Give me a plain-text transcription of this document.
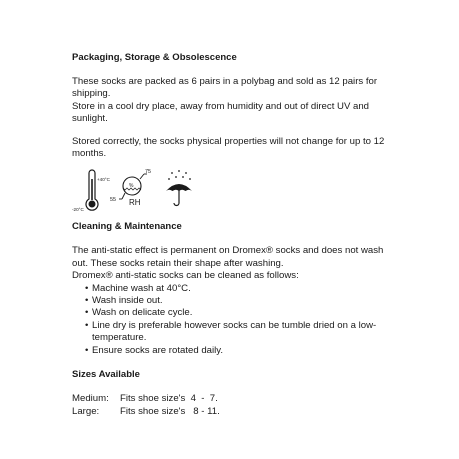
Packaging, Storage & Obsolescence

These socks are packed as 6 pairs in a polybag and sold as 12 pairs for shipping.

Store in a cool dry place, away from humidity and out of direct UV and sunlight.

Stored correctly, the socks physical properties will not change for up to 12 months.

+40°C
-20°C
%
75
55 RH
Cleaning & Maintenance

The anti-static effect is permanent on Dromex® socks and does not wash out. These socks retain their shape after washing.

Dromex® anti-static socks can be cleaned as follows:

• Machine wash at 40°C.
• Wash inside out.
• Wash on delicate cycle.
• Line dry is preferable however socks can be tumble dried on a low-temperature.
• Ensure socks are rotated daily.
Sizes Available
Medium:	Fits shoe size's  4  -  7.
Large:	Fits shoe size's   8 - 11.
